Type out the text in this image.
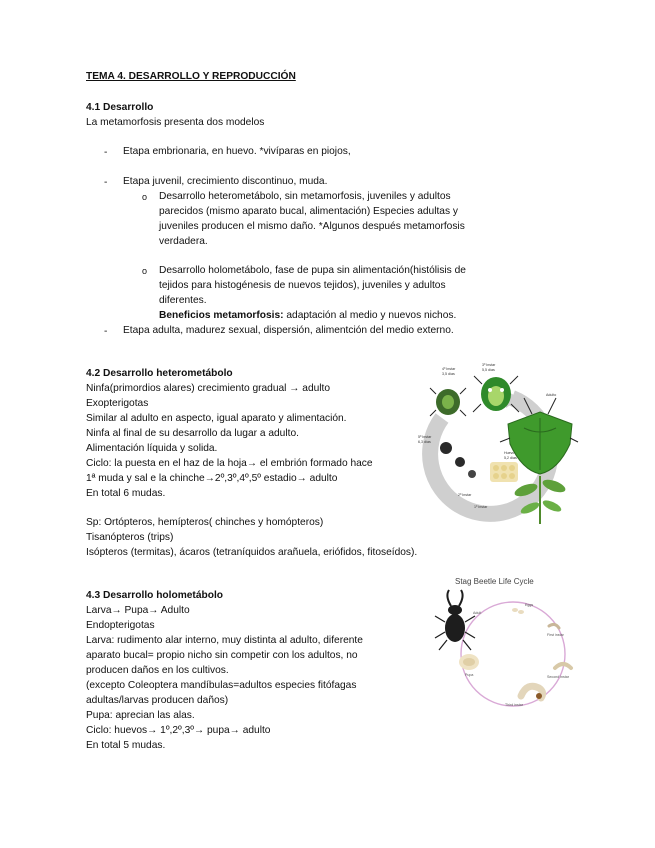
TEMA 4. DESARROLLO Y REPRODUCCIÓN
4.1 Desarrollo
La metamorfosis presenta dos modelos
- Etapa embrionaria, en huevo. *vivíparas en piojos,
- Etapa juvenil, crecimiento discontinuo, muda.
o Desarrollo heterometábolo, sin metamorfosis, juveniles y adultos
parecidos (mismo aparato bucal, alimentación) Especies adultas y
juveniles producen el mismo daño. *Algunos después metamorfosis
verdadera.
o Desarrollo holometábolo, fase de pupa sin alimentación(histólisis de
tejidos para histogénesis de nuevos tejidos), juveniles y adultos
diferentes.
Beneficios metamorfosis: adaptación al medio y nuevos nichos.
- Etapa adulta, madurez sexual, dispersión, alimentción del medio externo.
4.2 Desarrollo heterometábolo
Ninfa(primordios alares) crecimiento gradual → adulto
Exopterigotas
Similar al adulto en aspecto, igual aparato y alimentación.
Ninfa al final de su desarrollo da lugar a adulto.
Alimentación líquida y solida.
Ciclo: la puesta en el haz de la hoja→ el embrión formado hace
1ª muda y sal e la chinche→2º,3º,4º,5º estadio→ adulto
En total 6 mudas.
Sp: Ortópteros, hemípteros( chinches y homópteros)
Tisanópteros (trips)
Isópteros (termitas), ácaros (tetraníquidos arañuela, eriófidos, fitoseídos).
4.3 Desarrollo holometábolo
Larva→ Pupa→ Adulto
Endopterigotas
Larva: rudimento alar interno, muy distinta al adulto, diferente
aparato bucal= propio nicho sin competir con los adultos, no
producen daños en los cultivos.
(excepto Coleoptera mandíbulas=adultos especies fitófagas
adultas/larvas producen daños)
Pupa: aprecian las alas.
Ciclo: huevos→ 1º,2º,3º→ pupa→ adulto
En total 5 mudas.
4º Instar
3,5 días
3º Instar
5,5 días
5º Instar
6,3 días
2º Instar
1º Instar
Adulto
Huevo
5,2 días
Stag Beetle Life Cycle
Eggs
First instar
Second instar
Third instar
Pupa
Adult
